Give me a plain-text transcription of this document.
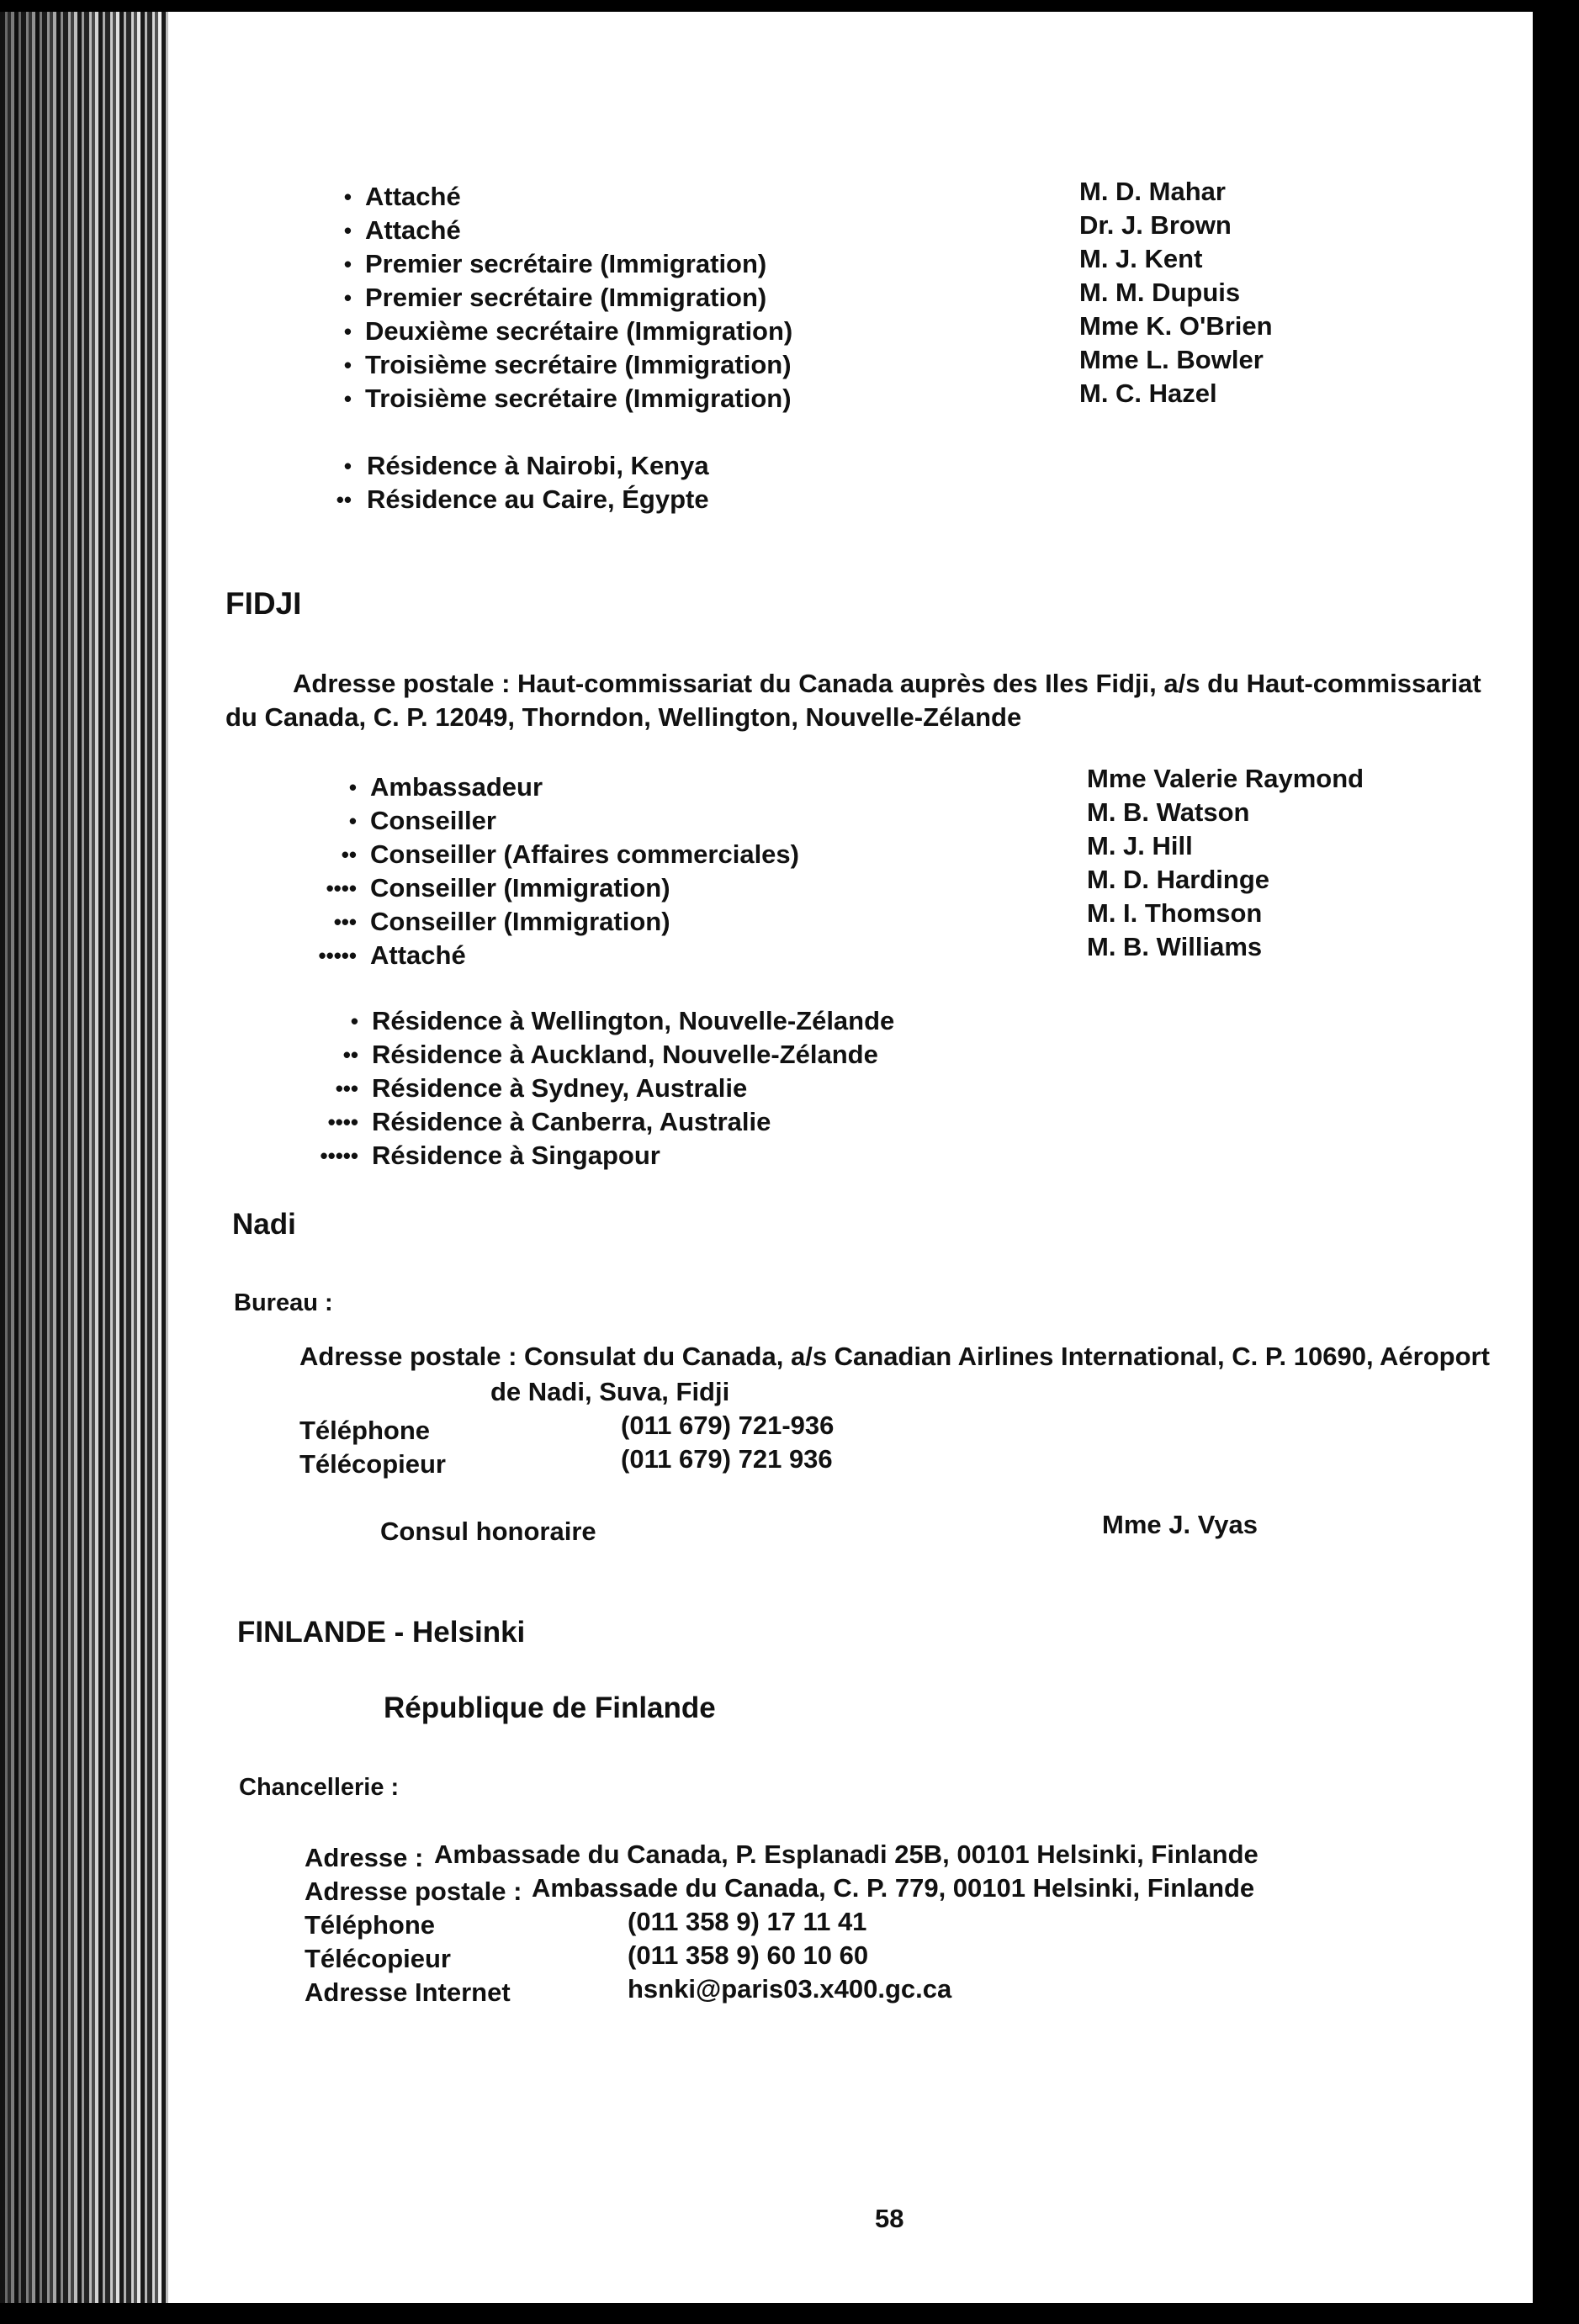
• Attaché	M. D. Mahar
• Attaché	Dr. J. Brown
• Premier secrétaire (Immigration)	M. J. Kent
• Premier secrétaire (Immigration)	M. M. Dupuis
• Deuxième secrétaire (Immigration)	Mme K. O'Brien
• Troisième secrétaire (Immigration)	Mme L. Bowler
• Troisième secrétaire (Immigration)	M. C. Hazel
• Résidence à Nairobi, Kenya
•• Résidence au Caire, Égypte
FIDJI
Adresse postale : Haut-commissariat du Canada auprès des Iles Fidji, a/s du Haut-commissariat
du Canada, C. P. 12049, Thorndon, Wellington, Nouvelle-Zélande
• Ambassadeur	Mme Valerie Raymond
• Conseiller	M. B. Watson
•• Conseiller (Affaires commerciales)	M. J. Hill
•••• Conseiller (Immigration)	M. D. Hardinge
••• Conseiller (Immigration)	M. I. Thomson
••••• Attaché	M. B. Williams
• Résidence à Wellington, Nouvelle-Zélande
•• Résidence à Auckland, Nouvelle-Zélande
••• Résidence à Sydney, Australie
•••• Résidence à Canberra, Australie
••••• Résidence à Singapour
Nadi
Bureau :
Adresse postale : Consulat du Canada, a/s Canadian Airlines International, C. P. 10690, Aéroport
de Nadi, Suva, Fidji
Téléphone	(011 679) 721-936
Télécopieur	(011 679) 721 936
Consul honoraire	Mme J. Vyas
FINLANDE - Helsinki
République de Finlande
Chancellerie :
Adresse : Ambassade du Canada, P. Esplanadi 25B, 00101 Helsinki, Finlande
Adresse postale : Ambassade du Canada, C. P. 779, 00101 Helsinki, Finlande
Téléphone	(011 358 9) 17 11 41
Télécopieur	(011 358 9) 60 10 60
Adresse Internet	hsnki@paris03.x400.gc.ca
58
